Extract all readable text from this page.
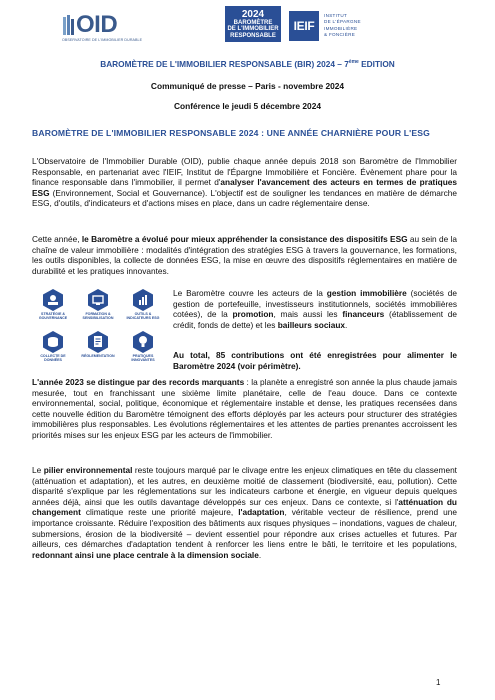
OID
OBSERVATOIRE DE L'IMMOBILIER DURABLE
2024
BAROMÈTRE
DE L'IMMOBILIER
RESPONSABLE
IEIF
INSTITUT
DE L'ÉPARGNE
IMMOBILIÈRE
& FONCIÈRE
BAROMÈTRE DE L'IMMOBILIER RESPONSABLE (BIR) 2024 – 7ème EDITION
Communiqué de presse – Paris - novembre 2024
Conférence le jeudi 5 décembre 2024
BAROMÈTRE DE L'IMMOBILIER RESPONSABLE 2024 : UNE ANNÉE CHARNIÈRE POUR L'ESG

L'Observatoire de l'Immobilier Durable (OID), publie chaque année depuis 2018 son Baromètre de l'Immobilier Responsable, en partenariat avec l'IEIF, Institut de l'Épargne Immobilière et Foncière. Évènement phare pour la finance responsable dans l'immobilier, il permet d'analyser l'avancement des acteurs en termes de pratiques ESG (Environnement, Social et Gouvernance). L'objectif est de souligner les tendances en matière de démarche ESG, d'outils, d'indicateurs et d'actions mises en place, dans un cadre réglementaire dense.

Cette année, le Baromètre a évolué pour mieux appréhender la consistance des dispositifs ESG au sein de la chaîne de valeur immobilière : modalités d'intégration des stratégies ESG à travers la gouvernance, les formations, les outils disponibles, la collecte de données ESG, la mise en œuvre des dispositifs réglementaires en matière de durabilité et les pratiques innovantes.

STRATÉGIE & GOUVERNANCE
FORMATION & SENSIBILISATION
OUTILS & INDICATEURS ESG
COLLECTE DE DONNÉES
RÉGLEMENTATION	PRATIQUES INNOVANTES

Le Baromètre couvre les acteurs de la gestion immobilière (sociétés de gestion de portefeuille, investisseurs institutionnels, sociétés immobilières cotées), de la promotion, mais aussi les financeurs (établissement de crédit, fonds de dette) et les bailleurs sociaux.

Au total, 85 contributions ont été enregistrées pour alimenter le Baromètre 2024 (voir périmètre).

L'année 2023 se distingue par des records marquants : la planète a enregistré son année la plus chaude jamais mesurée, tout en franchissant une sixième limite planétaire, celle de l'eau douce. Dans ce contexte environnemental, social, politique, économique et réglementaire instable et dense, les pratiques recensées dans cette nouvelle édition du Baromètre témoignent des efforts déployés par les acteurs pour structurer des stratégies immobilières plus responsables. Les évolutions réglementaires et les attentes de parties prenantes accroissent les priorités mises sur les enjeux ESG par les acteurs de l'immobilier.

Le pilier environnemental reste toujours marqué par le clivage entre les enjeux climatiques en tête du classement (atténuation et adaptation), et les autres, en deuxième moitié de classement (biodiversité, eau, pollution). Cette disparité s'explique par les réglementations sur les indicateurs carbone et énergie, en vigueur depuis quelques années déjà, ainsi que les outils davantage développés sur ces enjeux. Dans ce contexte, si l'atténuation du changement climatique reste une priorité majeure, l'adaptation, véritable vecteur de résilience, prend une importance croissante. Réduire l'exposition des bâtiments aux risques physiques – inondations, vagues de chaleur, submersions, érosion de la biodiversité – devient essentiel pour répondre aux crises actuelles et futures. Par ailleurs, ces démarches d'adaptation tendent à renforcer les liens entre le bâti, le territoire et les populations, redonnant ainsi une place centrale à la dimension sociale.

1
